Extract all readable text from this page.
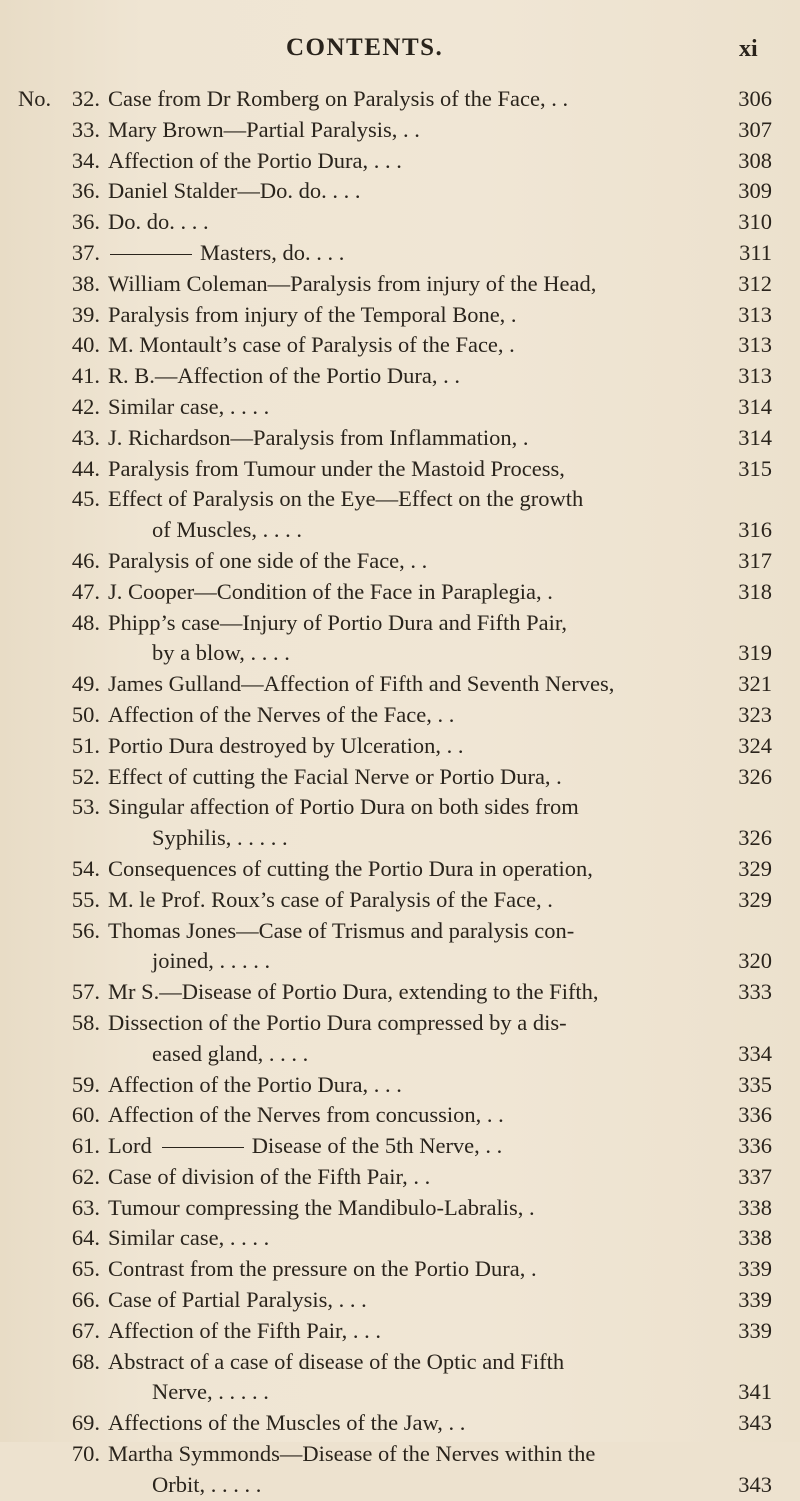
CONTENTS.	xi
No. 32. Case from Dr Romberg on Paralysis of the Face, . .	306
33. Mary Brown—Partial Paralysis, . .	307
34. Affection of the Portio Dura, . . .	308
36. Daniel Stalder—Do. do. . . .	309
36. Do. do. . . .	310
37.	Masters, do. . . .	311
38. William Coleman—Paralysis from injury of the Head,	312
39. Paralysis from injury of the Temporal Bone, .	313
40. M. Montault’s case of Paralysis of the Face, .	313
41. R. B.—Affection of the Portio Dura, . .	313
42. Similar case, . . . .	314
43. J. Richardson—Paralysis from Inflammation, .	314
44. Paralysis from Tumour under the Mastoid Process,	315
45. Effect of Paralysis on the Eye—Effect on the growth
of Muscles, . . . .	316
46. Paralysis of one side of the Face, . .	317
47. J. Cooper—Condition of the Face in Paraplegia, .	318
48. Phipp’s case—Injury of Portio Dura and Fifth Pair,
by a blow, . . . .	319
49. James Gulland—Affection of Fifth and Seventh Nerves,	321
50. Affection of the Nerves of the Face, . .	323
51. Portio Dura destroyed by Ulceration, . .	324
52. Effect of cutting the Facial Nerve or Portio Dura, .	326
53. Singular affection of Portio Dura on both sides from
Syphilis, . . . . .	326
54. Consequences of cutting the Portio Dura in operation,	329
55. M. le Prof. Roux’s case of Paralysis of the Face, .	329
56. Thomas Jones—Case of Trismus and paralysis con-
joined, . . . . .	320
57. Mr S.—Disease of Portio Dura, extending to the Fifth,	333
58. Dissection of the Portio Dura compressed by a dis-
eased gland, . . . .	334
59. Affection of the Portio Dura, . . .	335
60. Affection of the Nerves from concussion, . .	336
61. Lord	Disease of the 5th Nerve, . .	336
62. Case of division of the Fifth Pair, . .	337
63. Tumour compressing the Mandibulo-Labralis, .	338
64. Similar case, . . . .	338
65. Contrast from the pressure on the Portio Dura, .	339
66. Case of Partial Paralysis, . . .	339
67. Affection of the Fifth Pair, . . .	339
68. Abstract of a case of disease of the Optic and Fifth
Nerve, . . . . .	341
69. Affections of the Muscles of the Jaw, . .	343
70. Martha Symmonds—Disease of the Nerves within the
Orbit, . . . . .	343
